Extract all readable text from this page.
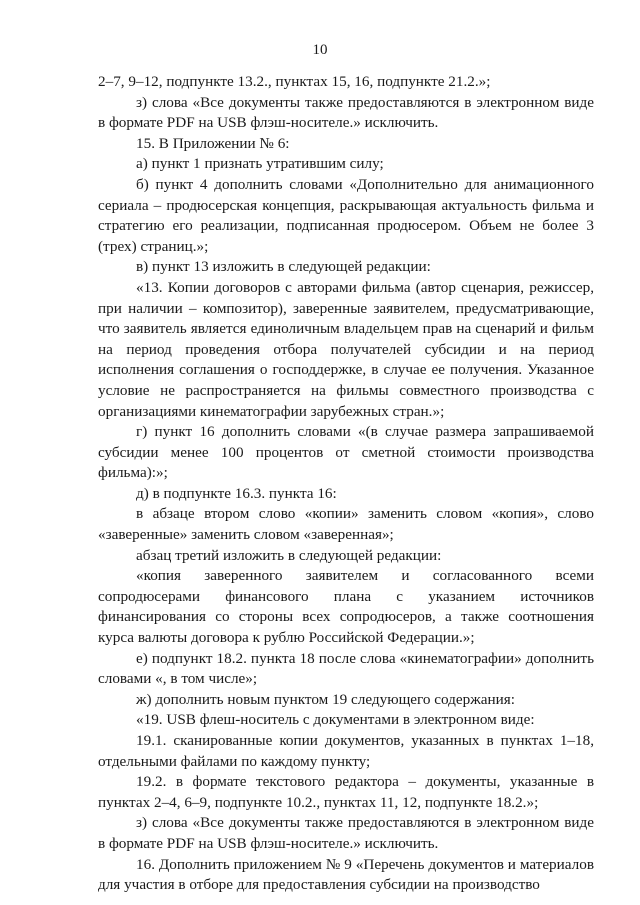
10

2–7, 9–12, подпункте 13.2., пунктах 15, 16, подпункте 21.2.»;

з) слова «Все документы также предоставляются в электронном виде в формате PDF на USB флэш-носителе.» исключить.

15. В Приложении № 6:

а) пункт 1 признать утратившим силу;

б) пункт 4 дополнить словами «Дополнительно для анимационного сериала – продюсерская концепция, раскрывающая актуальность фильма и стратегию его реализации, подписанная продюсером. Объем не более 3 (трех) страниц.»;

в) пункт 13 изложить в следующей редакции:

«13. Копии договоров с авторами фильма (автор сценария, режиссер, при наличии – композитор), заверенные заявителем, предусматривающие, что заявитель является единоличным владельцем прав на сценарий и фильм на период проведения отбора получателей субсидии и на период исполнения соглашения о господдержке, в случае ее получения. Указанное условие не распространяется на фильмы совместного производства с организациями кинематографии зарубежных стран.»;

г) пункт 16 дополнить словами «(в случае размера запрашиваемой субсидии менее 100 процентов от сметной стоимости производства фильма):»;

д) в подпункте 16.3. пункта 16:

в абзаце втором слово «копии» заменить словом «копия», слово «заверенные» заменить словом «заверенная»;

абзац третий изложить в следующей редакции:

«копия заверенного заявителем и согласованного всеми сопродюсерами финансового плана с указанием источников финансирования со стороны всех сопродюсеров, а также соотношения курса валюты договора к рублю Российской Федерации.»;

е) подпункт 18.2. пункта 18 после слова «кинематографии» дополнить словами «, в том числе»;

ж) дополнить новым пунктом 19 следующего содержания:

«19. USB флеш-носитель с документами в электронном виде:

19.1. сканированные копии документов, указанных в пунктах 1–18, отдельными файлами по каждому пункту;

19.2. в формате текстового редактора – документы, указанные в пунктах 2–4, 6–9, подпункте 10.2., пунктах 11, 12, подпункте 18.2.»;

з) слова «Все документы также предоставляются в электронном виде в формате PDF на USB флэш-носителе.» исключить.

16. Дополнить приложением № 9 «Перечень документов и материалов для участия в отборе для предоставления субсидии на производство
